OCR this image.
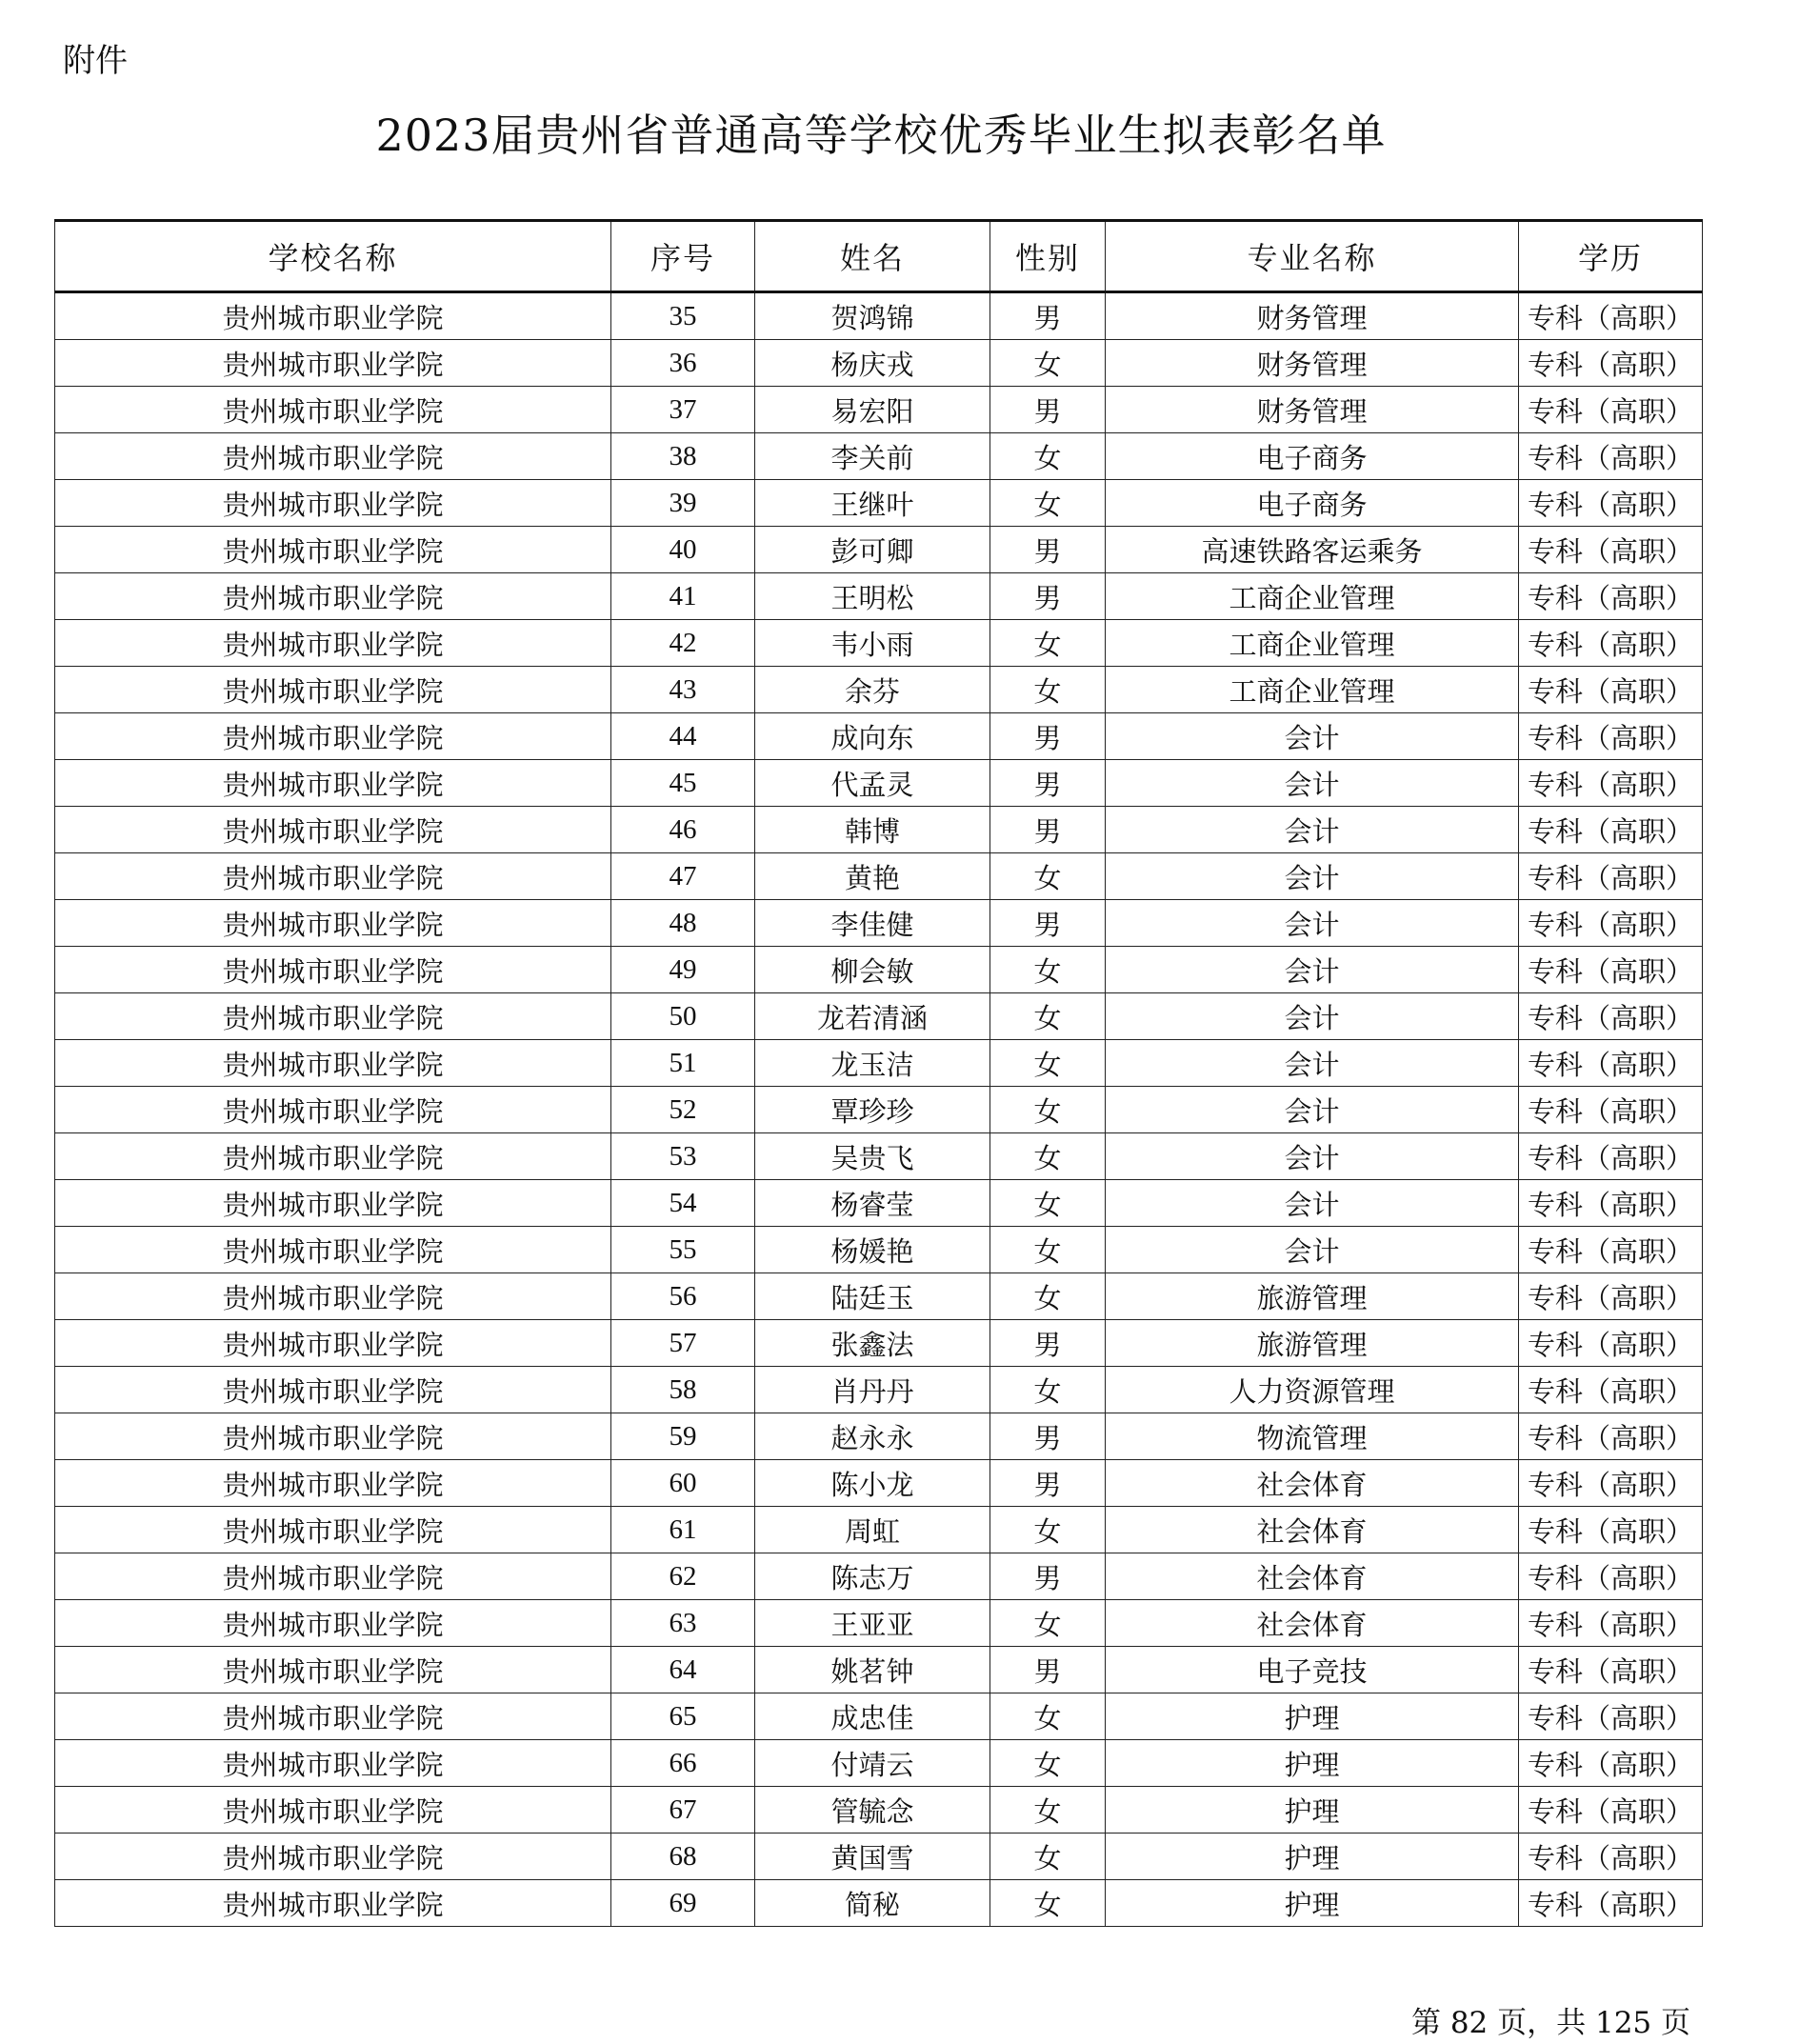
附件
2023届贵州省普通高等学校优秀毕业生拟表彰名单
学校名称	序号	姓名	性别	专业名称	学历
贵州城市职业学院	35	贺鸿锦	男	财务管理	专科（高职）
贵州城市职业学院	36	杨庆戎	女	财务管理	专科（高职）
贵州城市职业学院	37	易宏阳	男	财务管理	专科（高职）
贵州城市职业学院	38	李关前	女	电子商务	专科（高职）
贵州城市职业学院	39	王继叶	女	电子商务	专科（高职）
贵州城市职业学院	40	彭可卿	男	高速铁路客运乘务	专科（高职）
贵州城市职业学院	41	王明松	男	工商企业管理	专科（高职）
贵州城市职业学院	42	韦小雨	女	工商企业管理	专科（高职）
贵州城市职业学院	43	余芬	女	工商企业管理	专科（高职）
贵州城市职业学院	44	成向东	男	会计	专科（高职）
贵州城市职业学院	45	代孟灵	男	会计	专科（高职）
贵州城市职业学院	46	韩博	男	会计	专科（高职）
贵州城市职业学院	47	黄艳	女	会计	专科（高职）
贵州城市职业学院	48	李佳健	男	会计	专科（高职）
贵州城市职业学院	49	柳会敏	女	会计	专科（高职）
贵州城市职业学院	50	龙若清涵	女	会计	专科（高职）
贵州城市职业学院	51	龙玉洁	女	会计	专科（高职）
贵州城市职业学院	52	覃珍珍	女	会计	专科（高职）
贵州城市职业学院	53	吴贵飞	女	会计	专科（高职）
贵州城市职业学院	54	杨睿莹	女	会计	专科（高职）
贵州城市职业学院	55	杨媛艳	女	会计	专科（高职）
贵州城市职业学院	56	陆廷玉	女	旅游管理	专科（高职）
贵州城市职业学院	57	张鑫法	男	旅游管理	专科（高职）
贵州城市职业学院	58	肖丹丹	女	人力资源管理	专科（高职）
贵州城市职业学院	59	赵永永	男	物流管理	专科（高职）
贵州城市职业学院	60	陈小龙	男	社会体育	专科（高职）
贵州城市职业学院	61	周虹	女	社会体育	专科（高职）
贵州城市职业学院	62	陈志万	男	社会体育	专科（高职）
贵州城市职业学院	63	王亚亚	女	社会体育	专科（高职）
贵州城市职业学院	64	姚茗钟	男	电子竞技	专科（高职）
贵州城市职业学院	65	成忠佳	女	护理	专科（高职）
贵州城市职业学院	66	付靖云	女	护理	专科（高职）
贵州城市职业学院	67	管毓念	女	护理	专科（高职）
贵州城市职业学院	68	黄国雪	女	护理	专科（高职）
贵州城市职业学院	69	简秘	女	护理	专科（高职）
第 82 页，共 125 页
